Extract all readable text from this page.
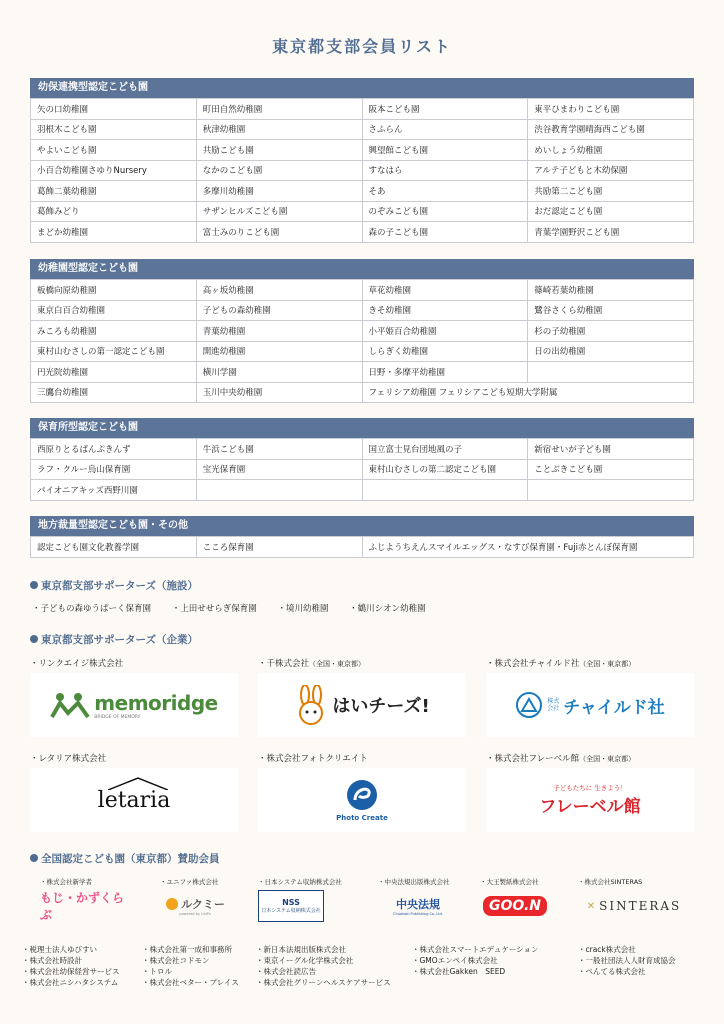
東京都支部会員リスト
幼保連携型認定こども園
矢の口幼稚園	町田自然幼稚園	阪本こども園	東平ひまわりこども園
羽根木こども園	秋津幼稚園	さふらん	渋谷教育学園晴海西こども園
やよいこども園	共励こども園	興望館こども園	めいしょう幼稚園
小百合幼稚園さゆりNursery	なかのこども園	すなはら	アルテ子どもと木幼保園
葛飾二葉幼稚園	多摩川幼稚園	そあ	共励第二こども園
葛飾みどり	サザンヒルズこども園	のぞみこども園	おだ認定こども園
まどか幼稚園	富士みのりこども園	森の子こども園	青葉学園野沢こども園
幼稚園型認定こども園
板橋向原幼稚園	高ヶ坂幼稚園	草花幼稚園	篠崎若葉幼稚園
東京白百合幼稚園	子どもの森幼稚園	きそ幼稚園	鷺谷さくら幼稚園
みころも幼稚園	青葉幼稚園	小平姫百合幼稚園	杉の子幼稚園
東村山むさしの第一認定こども園	開進幼稚園	しらぎく幼稚園	日の出幼稚園
円光院幼稚園	横川学園	日野・多摩平幼稚園	
三鷹台幼稚園	玉川中央幼稚園	フェリシア幼稚園 フェリシアこども短期大学附属	
保育所型認定こども園
西原りとるぱんぷきんず	牛浜こども園	国立富士見台団地風の子	新宿せいが子ども園
ラフ・クルー烏山保育園	宝光保育園	東村山むさしの第二認定こども園	ことぶきこども園
パイオニアキッズ西野川園			
地方裁量型認定こども園・その他
認定こども園文化教養学園	こころ保育園	ふじようちえんスマイルエッグス・なすび保育園・Fuji赤とんぼ保育園
東京都支部サポーターズ（施設）
・子どもの森ゆうぱーく保育園 ・上田せせらぎ保育園 ・境川幼稚園 ・鶴川シオン幼稚園
東京都支部サポーターズ（企業）
・リンクエイジ株式会社	・千株式会社（全国・東京都）	・株式会社チャイルド社（全国・東京都）
memoridge
BRIDGE OF MEMORY	はいチーズ!	株式会社 チャイルド社
・レタリア株式会社	・株式会社フォトクリエイト	・株式会社フレーベル館（全国・東京都）
letaria
Photo Create
子どもたちに 生きよう！
フレーベル館
全国認定こども園（東京都）賛助会員
・株式会社新学者	・ユニファ株式会社	・日本システム収納株式会社	・中央法規出版株式会社	・大王製紙株式会社	・株式会社SINTERAS
もじ・かずくらぶ
ルクミー
powered by UniFa
NSS
日本システム収納株式会社	中央法規
Chuohoki Publishing Co.,Ltd.	GOO.N	✕ SINTERAS
・税理士法人ゆびすい
・株式会社時設計
・株式会社幼保経営サービス
・株式会社ニシハタシステム
・株式会社第一成和事務所
・株式会社コドモン
・トロル
・株式会社ベター・プレイス
・新日本法規出版株式会社
・東京イーグル化学株式会社
・株式会社読広告
・株式会社グリーンヘルスケアサービス
・株式会社スマートエデュケーション
・GMOエンペイ株式会社
・株式会社Gakken　SEED
・crack株式会社
・一般社団法人人財育成協会
・ぺんてる株式会社
